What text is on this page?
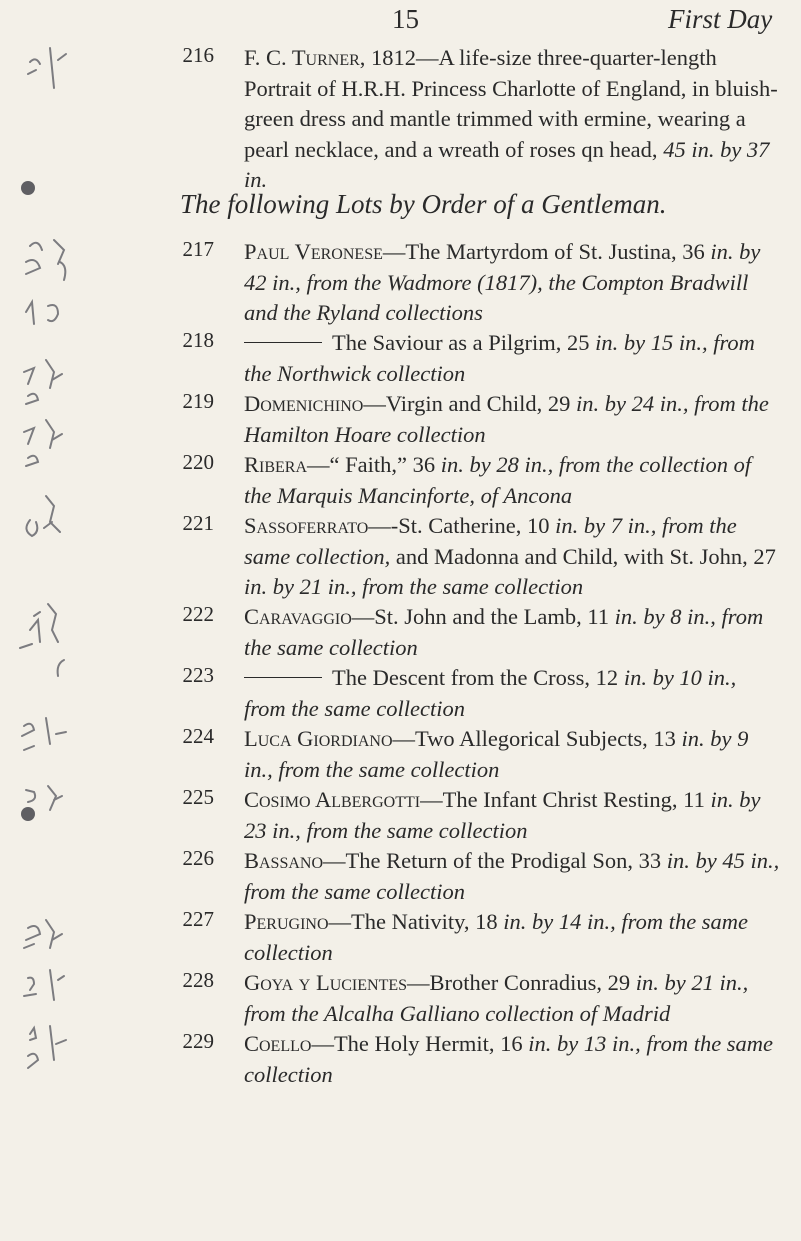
15	First Day
216 F. C. Turner, 1812—A life-size three-quarter-length Portrait of H.R.H. Princess Charlotte of England, in bluish-green dress and mantle trimmed with ermine, wearing a pearl necklace, and a wreath of roses qn head, 45 in. by 37 in.
The following Lots by Order of a Gentleman.
217 Paul Veronese—The Martyrdom of St. Justina, 36 in. by 42 in., from the Wadmore (1817), the Compton Bradwill and the Ryland collections
218	The Saviour as a Pilgrim, 25 in. by 15 in., from the Northwick collection
219 Domenichino—Virgin and Child, 29 in. by 24 in., from the Hamilton Hoare collection
220 Ribera—“ Faith,” 36 in. by 28 in., from the collection of the Marquis Mancinforte, of Ancona
221 Sassoferrato—-St. Catherine, 10 in. by 7 in., from the same collection, and Madonna and Child, with St. John, 27 in. by 21 in., from the same collection
222 Caravaggio—St. John and the Lamb, 11 in. by 8 in., from the same collection
223	The Descent from the Cross, 12 in. by 10 in., from the same collection
224 Luca Giordiano—Two Allegorical Subjects, 13 in. by 9 in., from the same collection
225 Cosimo Albergotti—The Infant Christ Resting, 11 in. by 23 in., from the same collection
226 Bassano—The Return of the Prodigal Son, 33 in. by 45 in., from the same collection
227 Perugino—The Nativity, 18 in. by 14 in., from the same collection
228 Goya y Lucientes—Brother Conradius, 29 in. by 21 in., from the Alcalha Galliano collection of Madrid
229 Coello—The Holy Hermit, 16 in. by 13 in., from the same collection
